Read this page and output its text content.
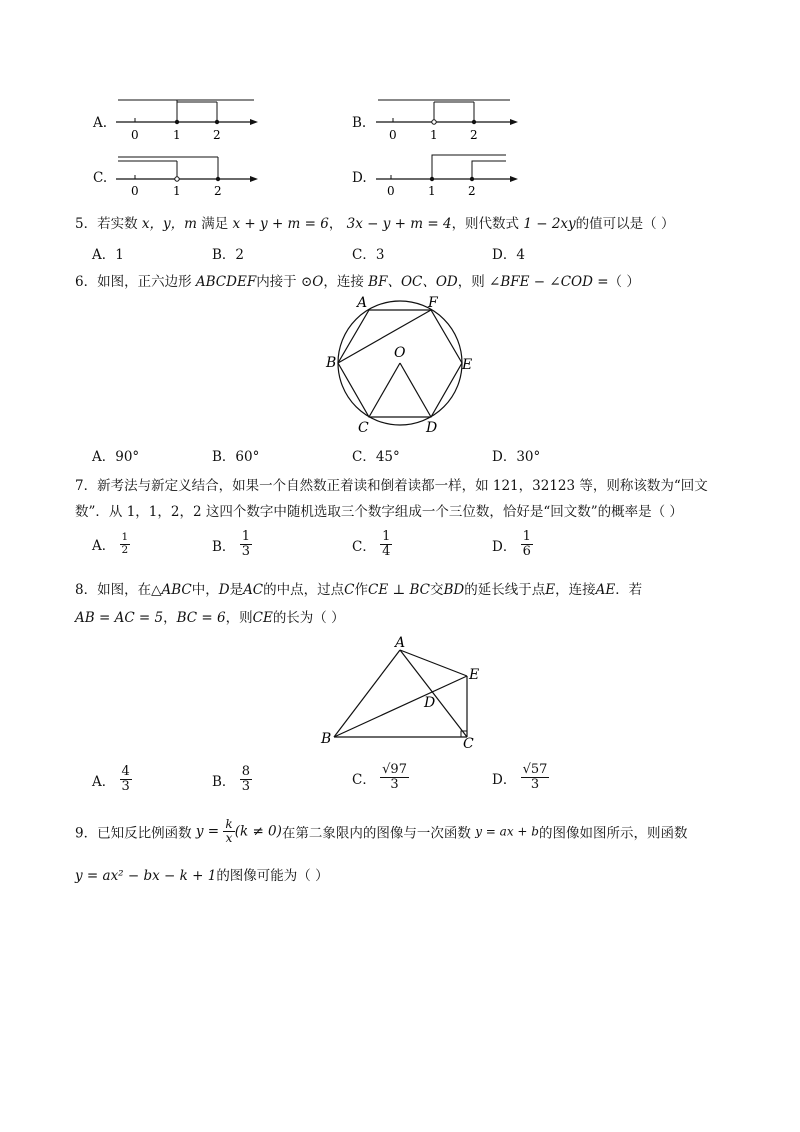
A.
0	1	2
B.
0	1	2
C.
0	1	2
D.
0	1	2
5．若实数 x，y，m 满足 x + y + m = 6， 3x − y + m = 4，则代数式 1 − 2xy的值可以是（ ）
A．1	B．2	C．3	D．4
6．如图，正六边形 ABCDEF内接于 ⊙O，连接 BF、OC、OD，则 ∠BFE − ∠COD =（ ）
A	F
B
O
E
C	D
A．90°	B．60°	C．45°	D．30°
7．新考法与新定义结合，如果一个自然数正着读和倒着读都一样，如 121，32123 等，则称该数为“回文
数”．从 1，1，2，2 这四个数字中随机选取三个数字组成一个三位数，恰好是“回文数”的概率是（ ）
A． $\frac{1}{2}$	B． $\frac{1}{3}$	C． $\frac{1}{4}$	D． $\frac{1}{6}$
8．如图，在△ABC中，D是AC的中点，过点C作CE ⊥ BC交BD的延长线于点E，连接AE．若
AB = AC = 5，BC = 6，则CE的长为（ ）
A
E
D
B	C
A． $\frac{4}{3}$	B． $\frac{8}{3}$	C． $\frac{√97}{3}$	D． $\frac{√57}{3}$
9．已知反比例函数 $y = \frac{k}{x} (k \ne 0)$在第二象限内的图像与一次函数 y = ax + b的图像如图所示，则函数
y = ax² − bx − k + 1的图像可能为（ ）
